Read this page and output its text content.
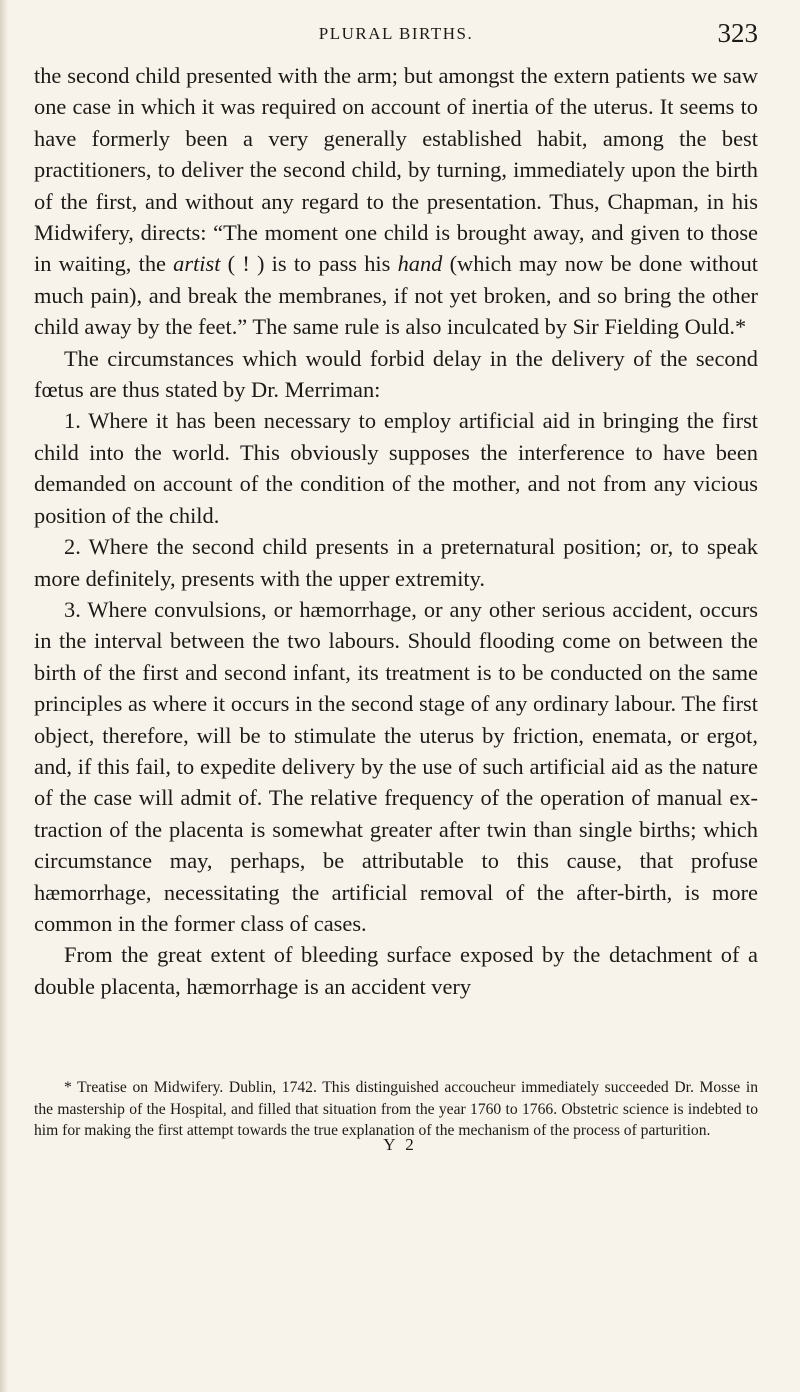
PLURAL BIRTHS.	323

the second child presented with the arm; but amongst the extern patients we saw one case in which it was required on account of inertia of the uterus. It seems to have formerly been a very generally established habit, among the best practitioners, to deliver the second child, by turning, immediately upon the birth of the first, and without any regard to the presentation. Thus, Chapman, in his Midwifery, directs: “The moment one child is brought away, and given to those in waiting, the artist ( ! ) is to pass his hand (which may now be done without much pain), and break the membranes, if not yet broken, and so bring the other child away by the feet.” The same rule is also inculcated by Sir Fielding Ould.*

The circumstances which would forbid delay in the delivery of the second fœtus are thus stated by Dr. Merriman:

1. Where it has been necessary to employ artificial aid in bringing the first child into the world. This obviously supposes the interference to have been demanded on account of the condition of the mother, and not from any vicious position of the child.

2. Where the second child presents in a preternatural position; or, to speak more definitely, presents with the upper extremity.

3. Where convulsions, or hæmorrhage, or any other serious accident, occurs in the interval between the two labours. Should flooding come on between the birth of the first and second infant, its treatment is to be conducted on the same principles as where it occurs in the second stage of any ordinary labour. The first object, therefore, will be to stimulate the uterus by friction, enemata, or ergot, and, if this fail, to expedite delivery by the use of such artificial aid as the nature of the case will admit of. The relative frequency of the operation of manual extraction of the placenta is somewhat greater after twin than single births; which circumstance may, perhaps, be attributable to this cause, that profuse hæmorrhage, necessitating the artificial removal of the after-birth, is more common in the former class of cases.

From the great extent of bleeding surface exposed by the detachment of a double placenta, hæmorrhage is an accident very

* Treatise on Midwifery. Dublin, 1742. This distinguished accoucheur immediately succeeded Dr. Mosse in the mastership of the Hospital, and filled that situation from the year 1760 to 1766. Obstetric science is indebted to him for making the first attempt towards the true explanation of the mechanism of the process of parturition.
Y 2
